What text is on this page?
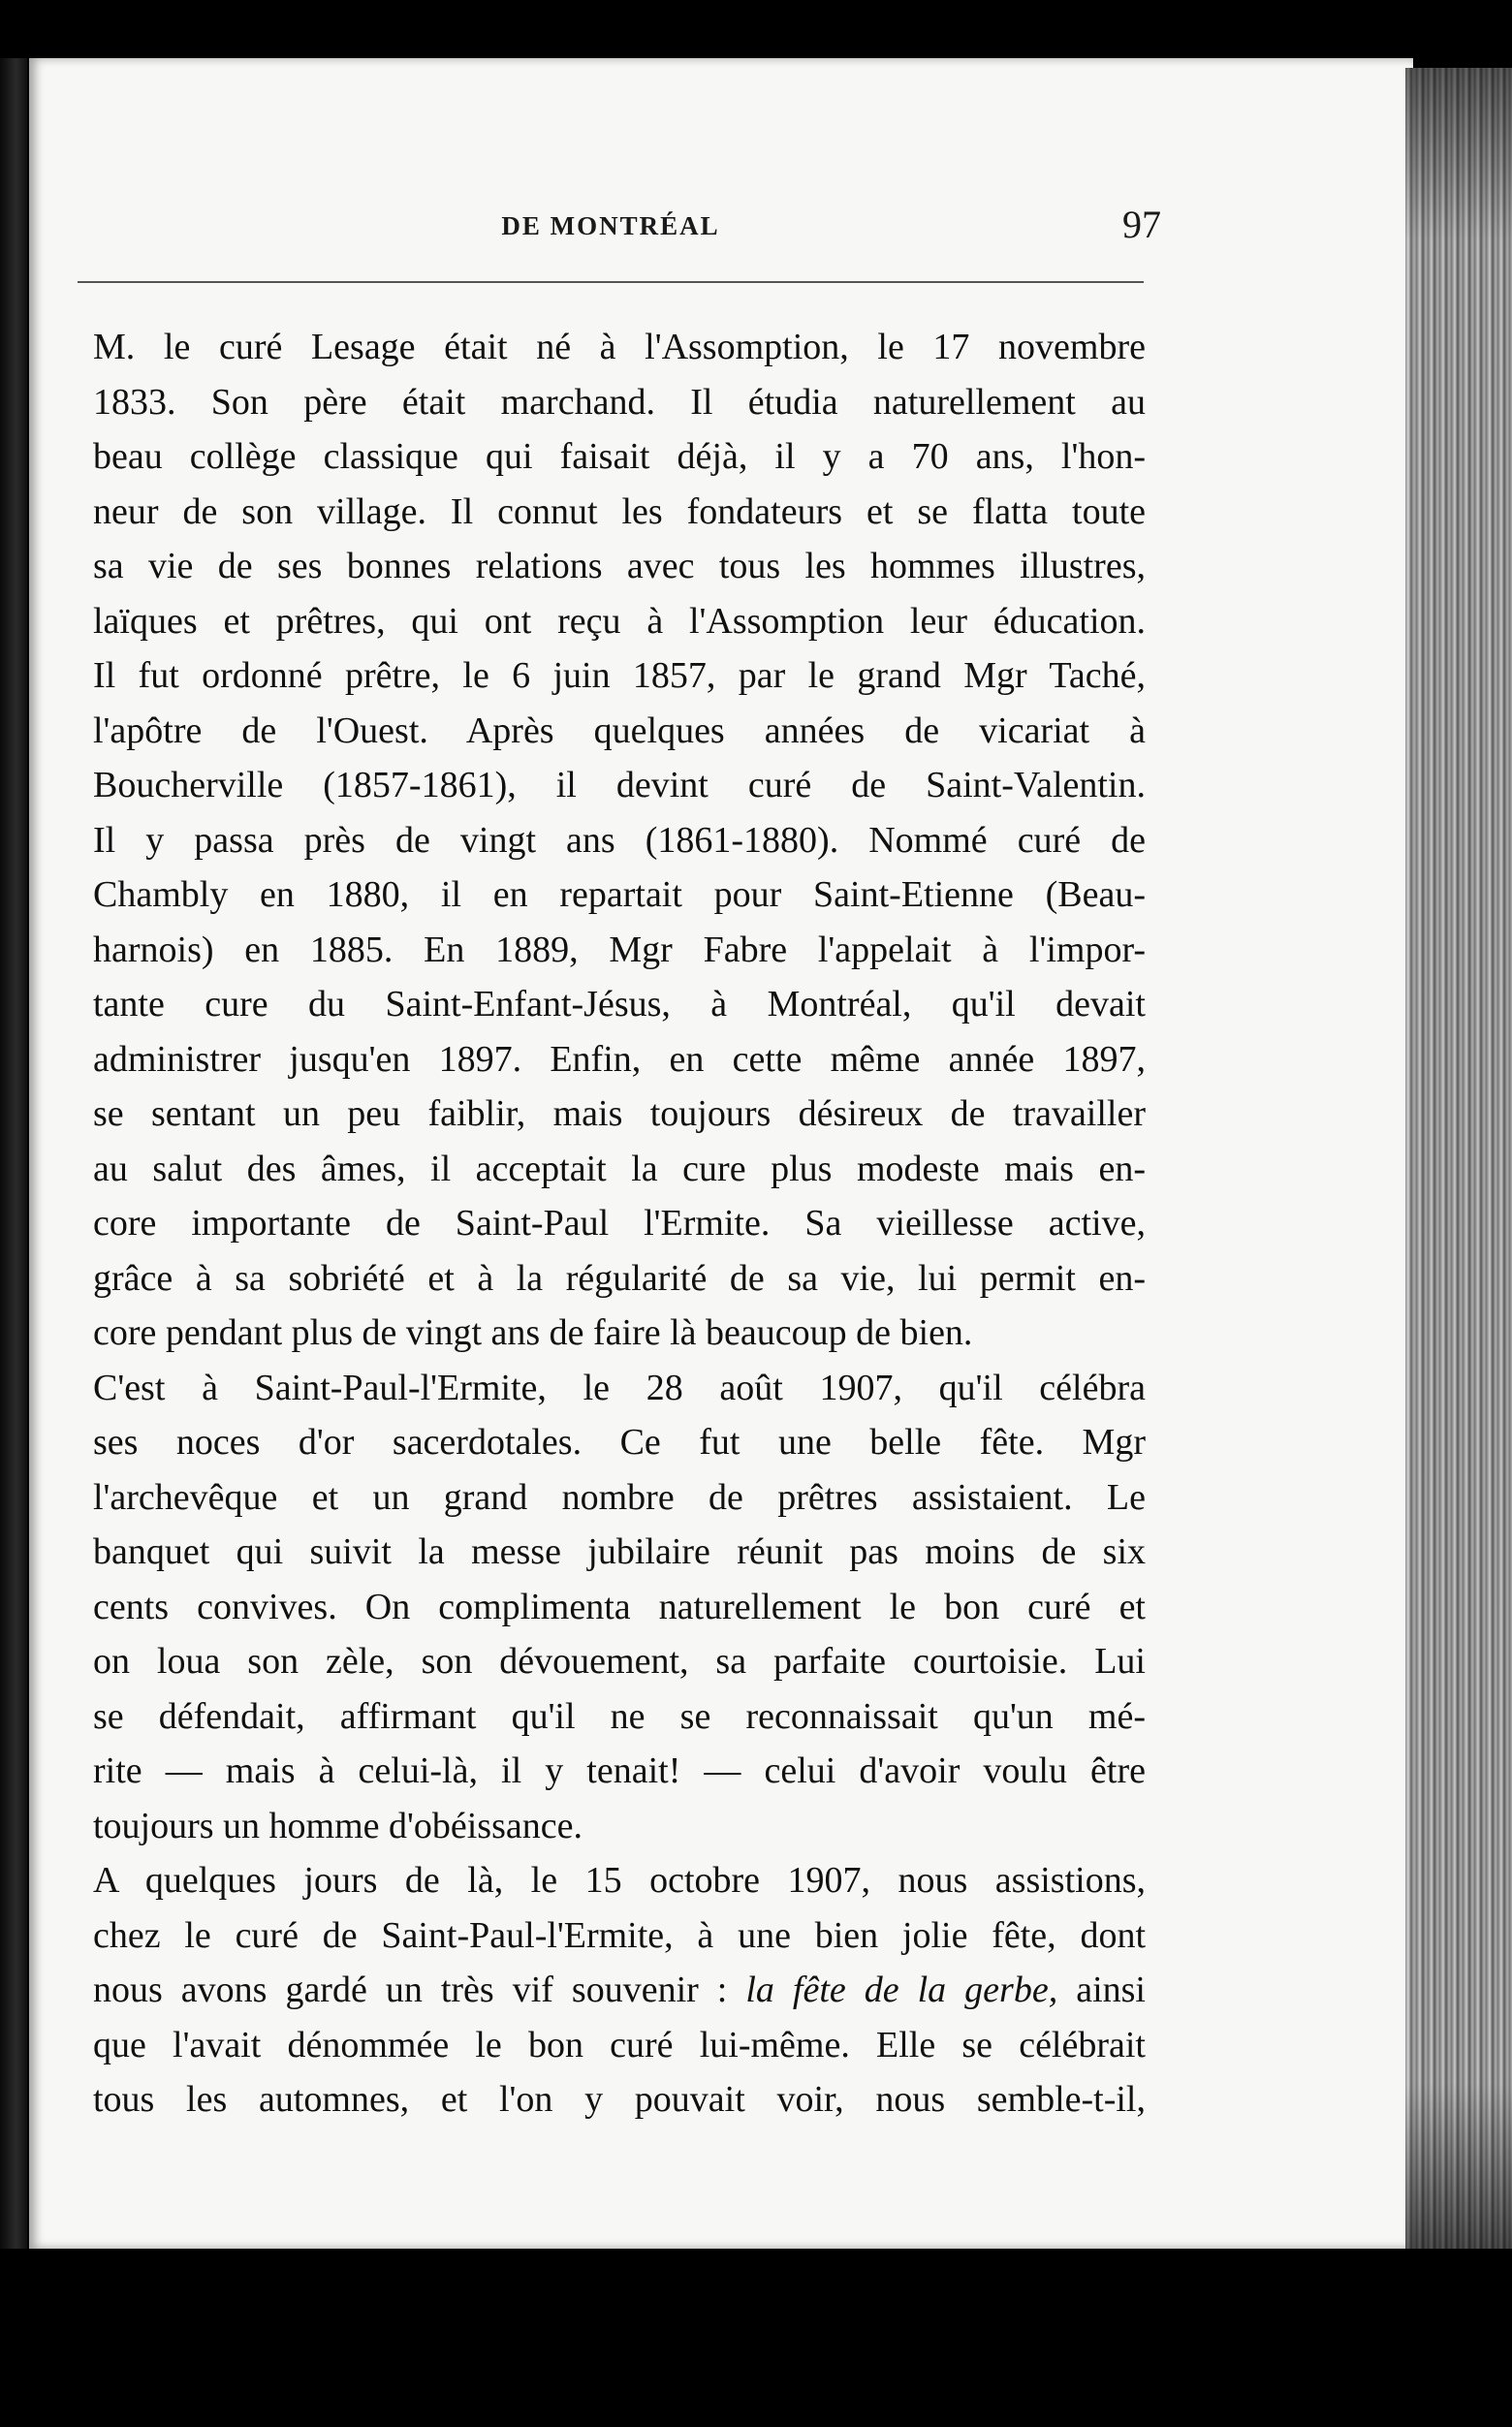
DE MONTRÉAL	97

M. le curé Lesage était né à l'Assomption, le 17 novembre
1833. Son père était marchand. Il étudia naturellement au
beau collège classique qui faisait déjà, il y a 70 ans, l'hon-
neur de son village. Il connut les fondateurs et se flatta toute
sa vie de ses bonnes relations avec tous les hommes illustres,
laïques et prêtres, qui ont reçu à l'Assomption leur éducation.
Il fut ordonné prêtre, le 6 juin 1857, par le grand Mgr Taché,
l'apôtre de l'Ouest. Après quelques années de vicariat à
Boucherville (1857-1861), il devint curé de Saint-Valentin.
Il y passa près de vingt ans (1861-1880). Nommé curé de
Chambly en 1880, il en repartait pour Saint-Etienne (Beau-
harnois) en 1885. En 1889, Mgr Fabre l'appelait à l'impor-
tante cure du Saint-Enfant-Jésus, à Montréal, qu'il devait
administrer jusqu'en 1897. Enfin, en cette même année 1897,
se sentant un peu faiblir, mais toujours désireux de travailler
au salut des âmes, il acceptait la cure plus modeste mais en-
core importante de Saint-Paul l'Ermite. Sa vieillesse active,
grâce à sa sobriété et à la régularité de sa vie, lui permit en-
core pendant plus de vingt ans de faire là beaucoup de bien.

C'est à Saint-Paul-l'Ermite, le 28 août 1907, qu'il célébra
ses noces d'or sacerdotales. Ce fut une belle fête. Mgr
l'archevêque et un grand nombre de prêtres assistaient. Le
banquet qui suivit la messe jubilaire réunit pas moins de six
cents convives. On complimenta naturellement le bon curé et
on loua son zèle, son dévouement, sa parfaite courtoisie. Lui
se défendait, affirmant qu'il ne se reconnaissait qu'un mé-
rite — mais à celui-là, il y tenait! — celui d'avoir voulu être
toujours un homme d'obéissance.

A quelques jours de là, le 15 octobre 1907, nous assistions,
chez le curé de Saint-Paul-l'Ermite, à une bien jolie fête, dont
nous avons gardé un très vif souvenir : la fête de la gerbe, ainsi
que l'avait dénommée le bon curé lui-même. Elle se célébrait
tous les automnes, et l'on y pouvait voir, nous semble-t-il,
